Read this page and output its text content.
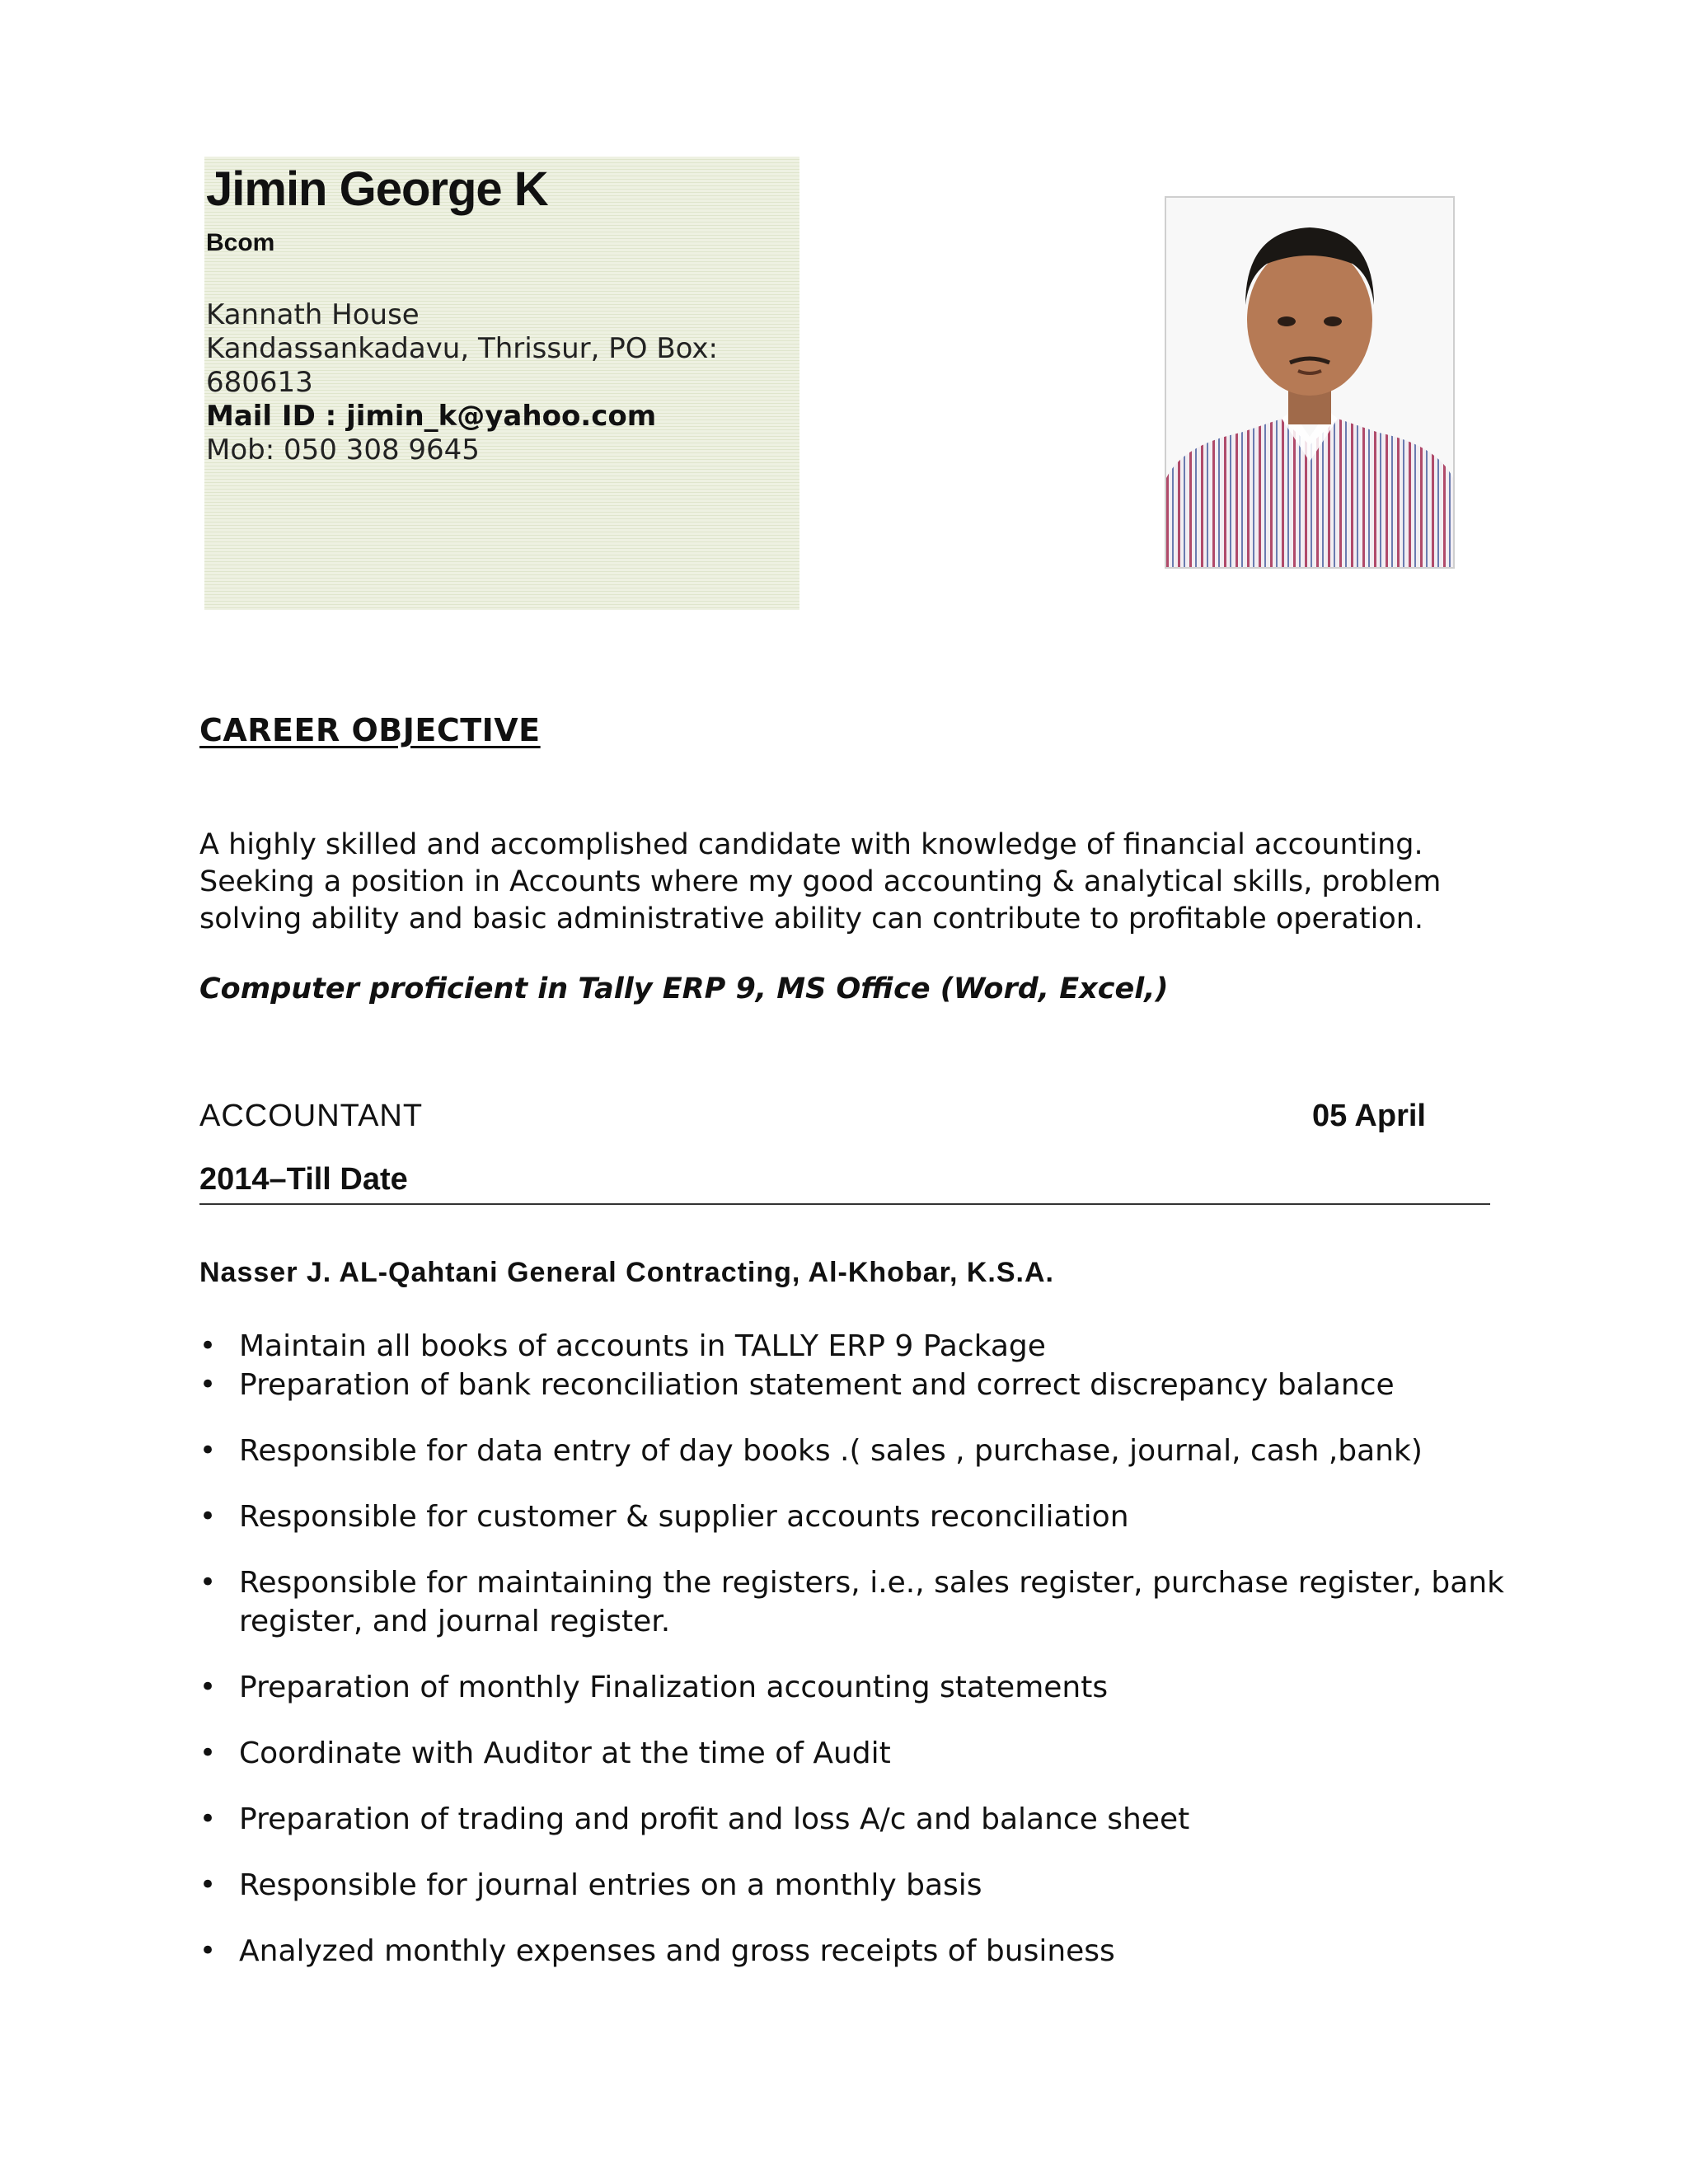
Jimin George K
Bcom
Kannath House
Kandassankadavu, Thrissur, PO Box:
680613
Mail ID : jimin_k@yahoo.com
Mob: 050 308 9645
CAREER OBJECTIVE
A highly skilled and accomplished candidate with knowledge of financial accounting.
Seeking a position in Accounts where my good accounting & analytical skills, problem
solving ability and basic administrative ability can contribute to profitable operation.
Computer proficient in Tally ERP 9, MS Office (Word, Excel,)
ACCOUNTANT	05 April
2014–Till Date
Nasser J. AL-Qahtani General Contracting, Al-Khobar, K.S.A.
• Maintain all books of accounts in TALLY ERP 9 Package
• Preparation of bank reconciliation statement and correct discrepancy balance
• Responsible for data entry of day books .( sales , purchase, journal, cash ,bank)
• Responsible for customer & supplier accounts reconciliation
• Responsible for maintaining the registers, i.e., sales register, purchase register, bank register, and journal register.
• Preparation of monthly Finalization accounting statements
• Coordinate with Auditor at the time of Audit
• Preparation of trading and profit and loss A/c and balance sheet
• Responsible for journal entries on a monthly basis
• Analyzed monthly expenses and gross receipts of business
